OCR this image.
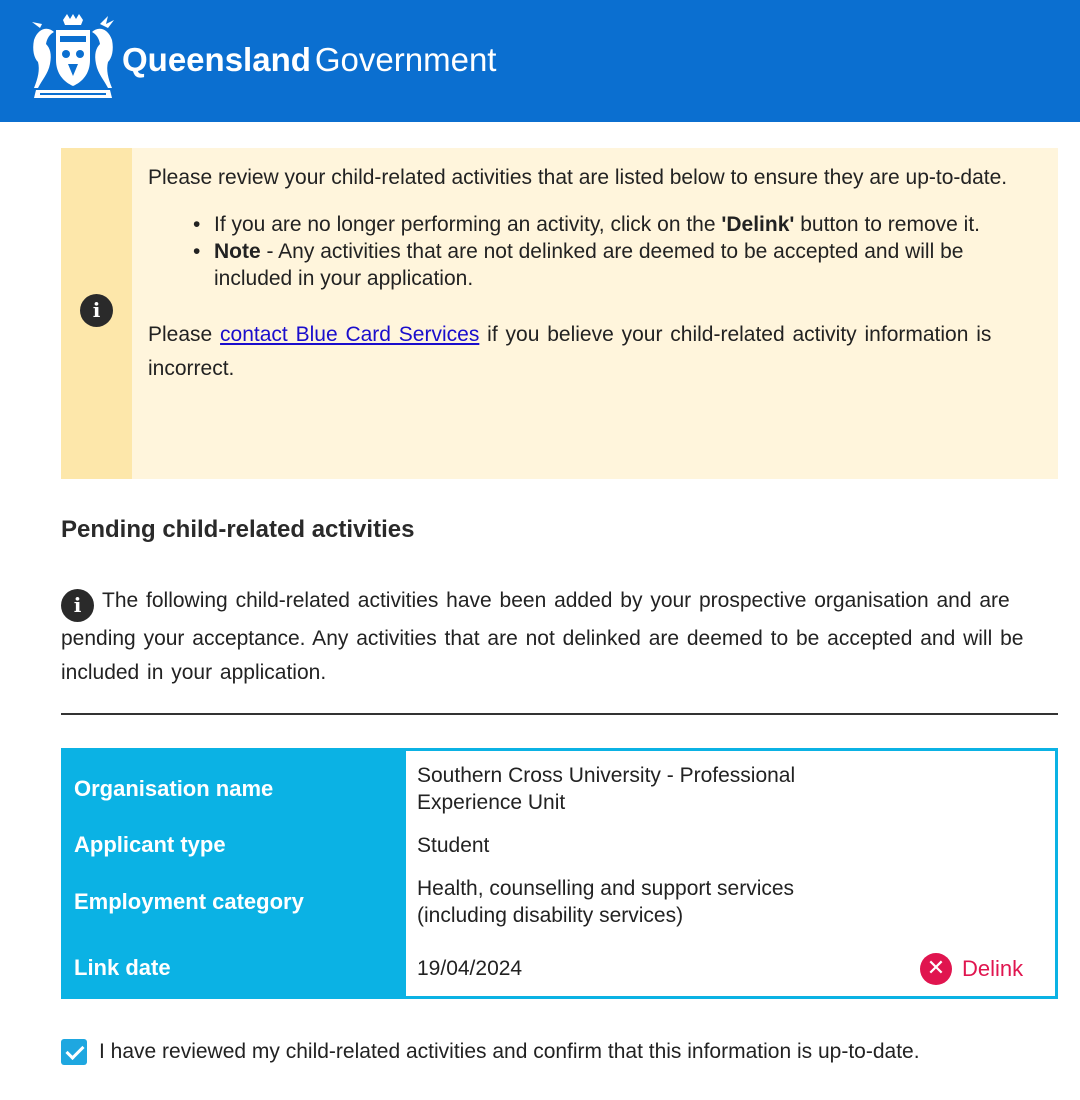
Queensland Government
i

Please review your child-related activities that are listed below to ensure they are up-to-date.

• If you are no longer performing an activity, click on the 'Delink' button to remove it.
• Note - Any activities that are not delinked are deemed to be accepted and will be included in your application.

Please contact Blue Card Services if you believe your child-related activity information is incorrect.

Pending child-related activities

i The following child-related activities have been added by your prospective organisation and are pending your acceptance. Any activities that are not delinked are deemed to be accepted and will be included in your application.

Organisation name
Applicant type
Employment category
Link date
Southern Cross University - Professional
Experience Unit
Student
Health, counselling and support services
(including disability services)
19/04/2024	✕ Delink
I have reviewed my child-related activities and confirm that this information is up-to-date.
